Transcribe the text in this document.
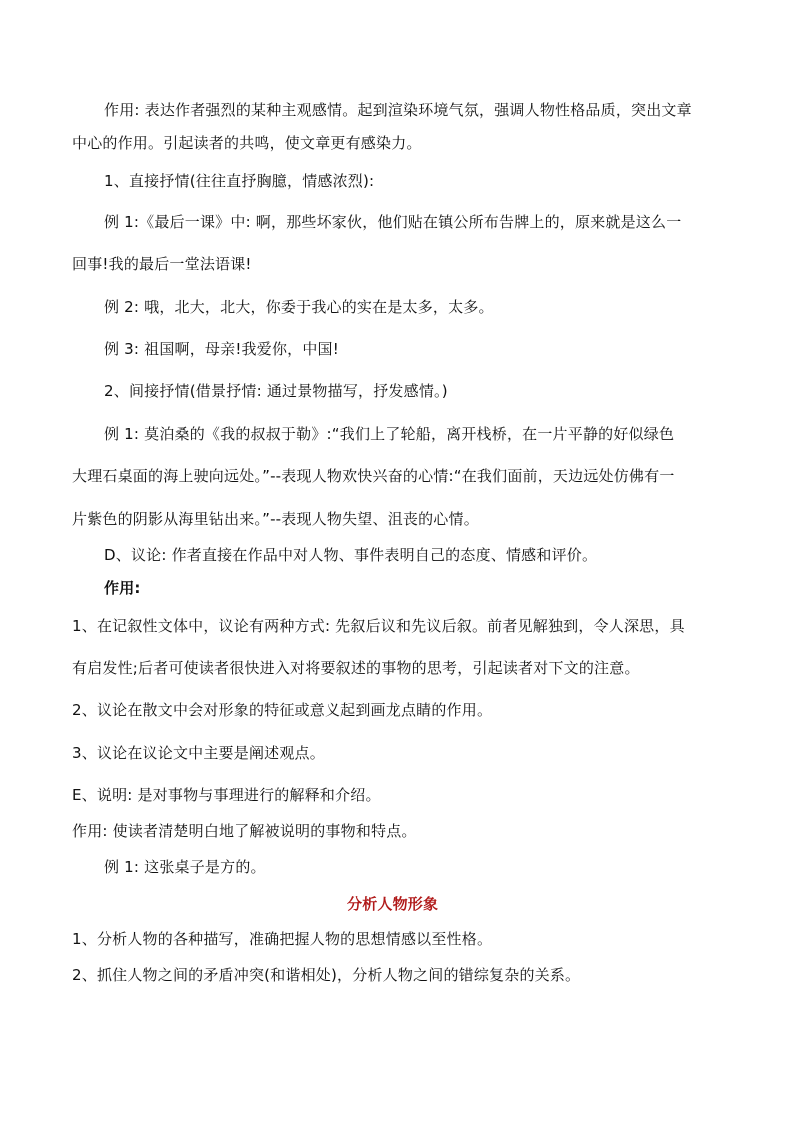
作用: 表达作者强烈的某种主观感情。起到渲染环境气氛，强调人物性格品质，突出文章
中心的作用。引起读者的共鸣，使文章更有感染力。
1、直接抒情(往往直抒胸臆，情感浓烈):
例 1:《最后一课》中: 啊，那些坏家伙，他们贴在镇公所布告牌上的，原来就是这么一
回事!我的最后一堂法语课!
例 2: 哦，北大，北大，你委于我心的实在是太多，太多。
例 3: 祖国啊，母亲!我爱你，中国!
2、间接抒情(借景抒情: 通过景物描写，抒发感情。)
例 1: 莫泊桑的《我的叔叔于勒》:“我们上了轮船，离开栈桥，在一片平静的好似绿色
大理石桌面的海上驶向远处。”--表现人物欢快兴奋的心情:“在我们面前，天边远处仿佛有一
片紫色的阴影从海里钻出来。”--表现人物失望、沮丧的心情。
D、议论: 作者直接在作品中对人物、事件表明自己的态度、情感和评价。
作用:
1、在记叙性文体中，议论有两种方式: 先叙后议和先议后叙。前者见解独到，令人深思，具
有启发性;后者可使读者很快进入对将要叙述的事物的思考，引起读者对下文的注意。
2、议论在散文中会对形象的特征或意义起到画龙点睛的作用。
3、议论在议论文中主要是阐述观点。
E、说明: 是对事物与事理进行的解释和介绍。
作用: 使读者清楚明白地了解被说明的事物和特点。
例 1: 这张桌子是方的。
分析人物形象
1、分析人物的各种描写，准确把握人物的思想情感以至性格。
2、抓住人物之间的矛盾冲突(和谐相处)，分析人物之间的错综复杂的关系。
